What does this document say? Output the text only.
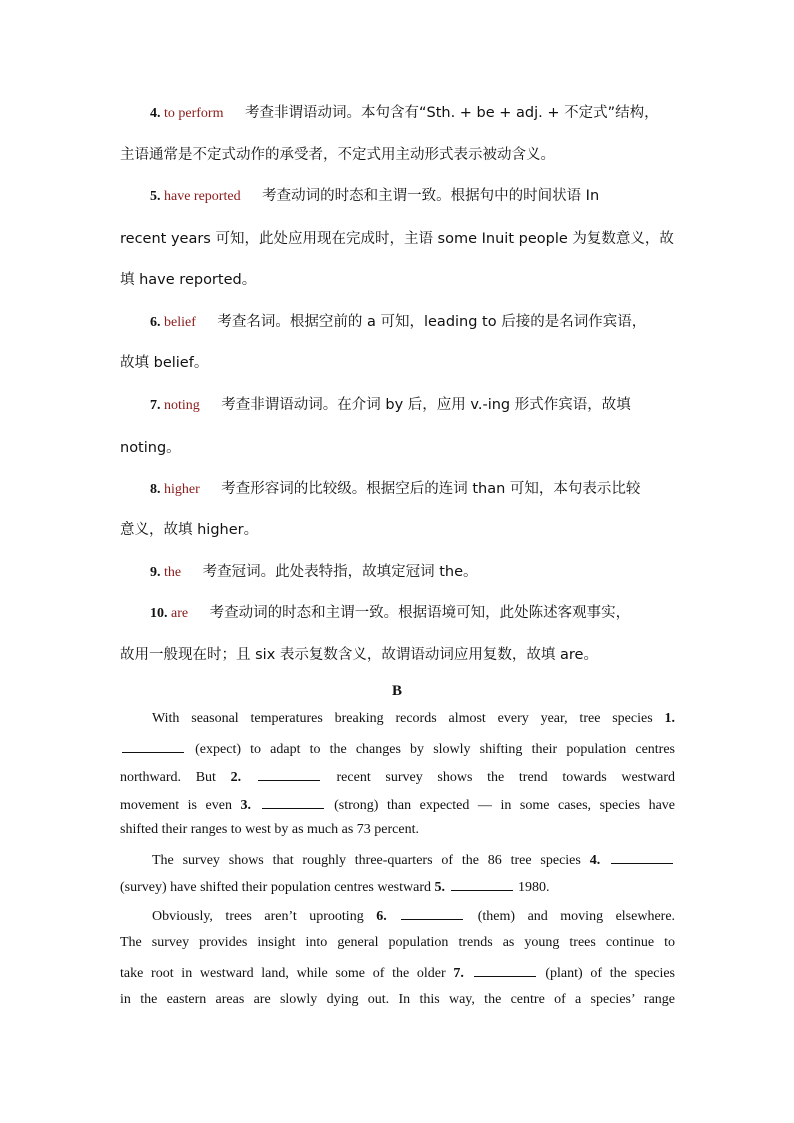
4. to perform 考查非谓语动词。本句含有“Sth. + be + adj. + 不定式”结构，
主语通常是不定式动作的承受者，不定式用主动形式表示被动含义。
5. have reported 考查动词的时态和主谓一致。根据句中的时间状语 In
recent years 可知，此处应用现在完成时，主语 some Inuit people 为复数意义，故
填 have reported。
6. belief 考查名词。根据空前的 a 可知，leading to 后接的是名词作宾语，
故填 belief。
7. noting 考查非谓语动词。在介词 by 后，应用 v.-ing 形式作宾语，故填
noting。
8. higher 考查形容词的比较级。根据空后的连词 than 可知，本句表示比较
意义，故填 higher。
9. the 考查冠词。此处表特指，故填定冠词 the。
10. are 考查动词的时态和主谓一致。根据语境可知，此处陈述客观事实，
故用一般现在时；且 six 表示复数含义，故谓语动词应用复数，故填 are。
B
With seasonal temperatures breaking records almost every year, tree species 1.
(expect) to adapt to the changes by slowly shifting their population centres
northward. But 2.	recent survey shows the trend towards westward
movement is even 3.	(strong) than expected — in some cases, species have
shifted their ranges to west by as much as 73 percent.
The survey shows that roughly three-quarters of the 86 tree species 4.
(survey) have shifted their population centres westward 5.	1980.
Obviously, trees aren’t uprooting 6.	(them) and moving elsewhere.
The survey provides insight into general population trends as young trees continue to
take root in westward land, while some of the older 7.	(plant) of the species
in the eastern areas are slowly dying out. In this way, the centre of a species’ range
